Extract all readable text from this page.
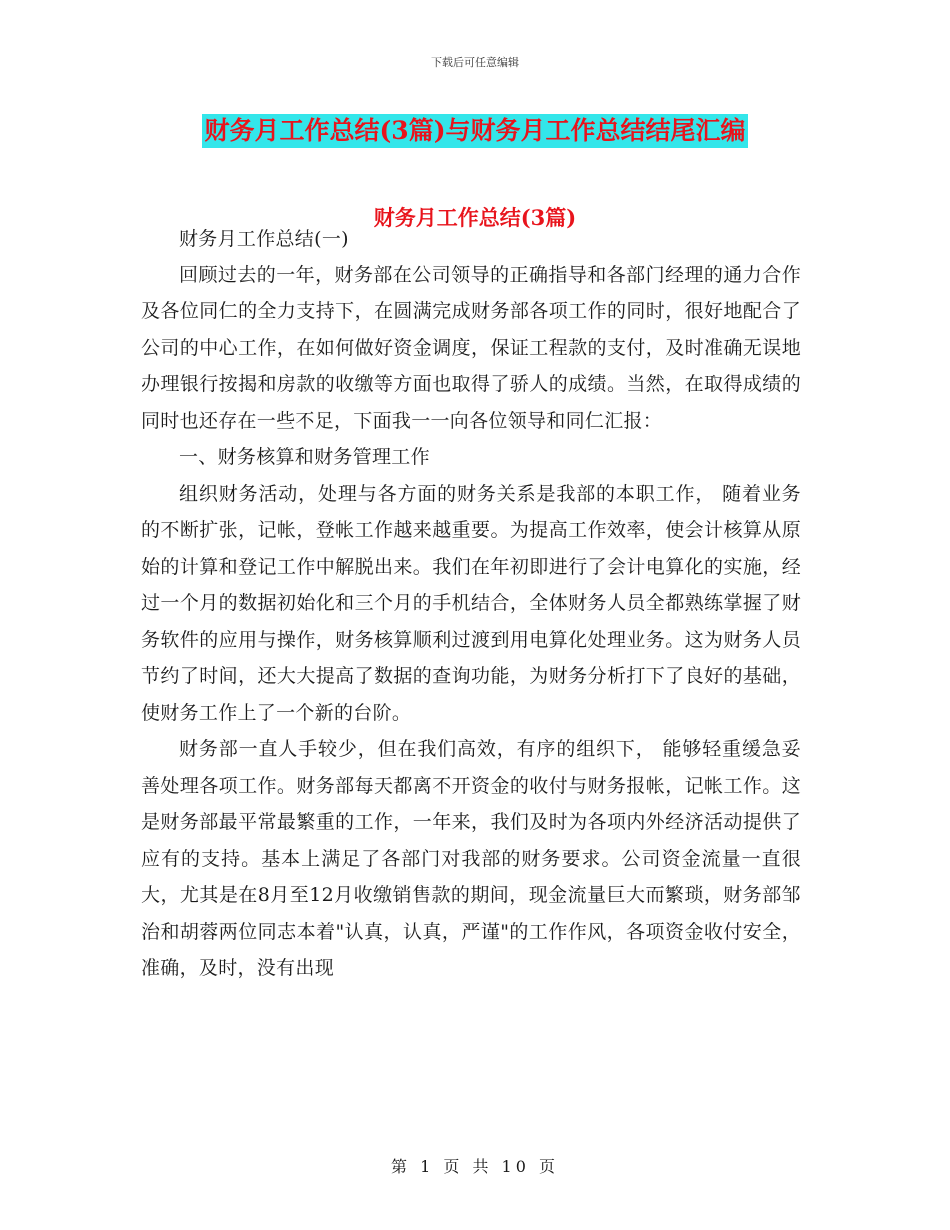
下载后可任意编辑
财务月工作总结(3篇)与财务月工作总结结尾汇编
财务月工作总结(3篇)

财务月工作总结(一)

回顾过去的一年，财务部在公司领导的正确指导和各部门经理的通力合作及各位同仁的全力支持下，在圆满完成财务部各项工作的同时，很好地配合了公司的中心工作，在如何做好资金调度，保证工程款的支付，及时准确无误地办理银行按揭和房款的收缴等方面也取得了骄人的成绩。当然，在取得成绩的同时也还存在一些不足，下面我一一向各位领导和同仁汇报：

一、财务核算和财务管理工作

组织财务活动，处理与各方面的财务关系是我部的本职工作， 随着业务的不断扩张，记帐，登帐工作越来越重要。为提高工作效率，使会计核算从原始的计算和登记工作中解脱出来。我们在年初即进行了会计电算化的实施，经过一个月的数据初始化和三个月的手机结合，全体财务人员全都熟练掌握了财务软件的应用与操作，财务核算顺利过渡到用电算化处理业务。这为财务人员节约了时间，还大大提高了数据的查询功能，为财务分析打下了良好的基础，使财务工作上了一个新的台阶。

财务部一直人手较少，但在我们高效，有序的组织下， 能够轻重缓急妥善处理各项工作。财务部每天都离不开资金的收付与财务报帐，记帐工作。这是财务部最平常最繁重的工作，一年来，我们及时为各项内外经济活动提供了应有的支持。基本上满足了各部门对我部的财务要求。公司资金流量一直很大，尤其是在8月至12月收缴销售款的期间，现金流量巨大而繁琐，财务部邹治和胡蓉两位同志本着"认真，认真，严谨"的工作作风，各项资金收付安全，准确，及时，没有出现

第 1 页 共 10 页
